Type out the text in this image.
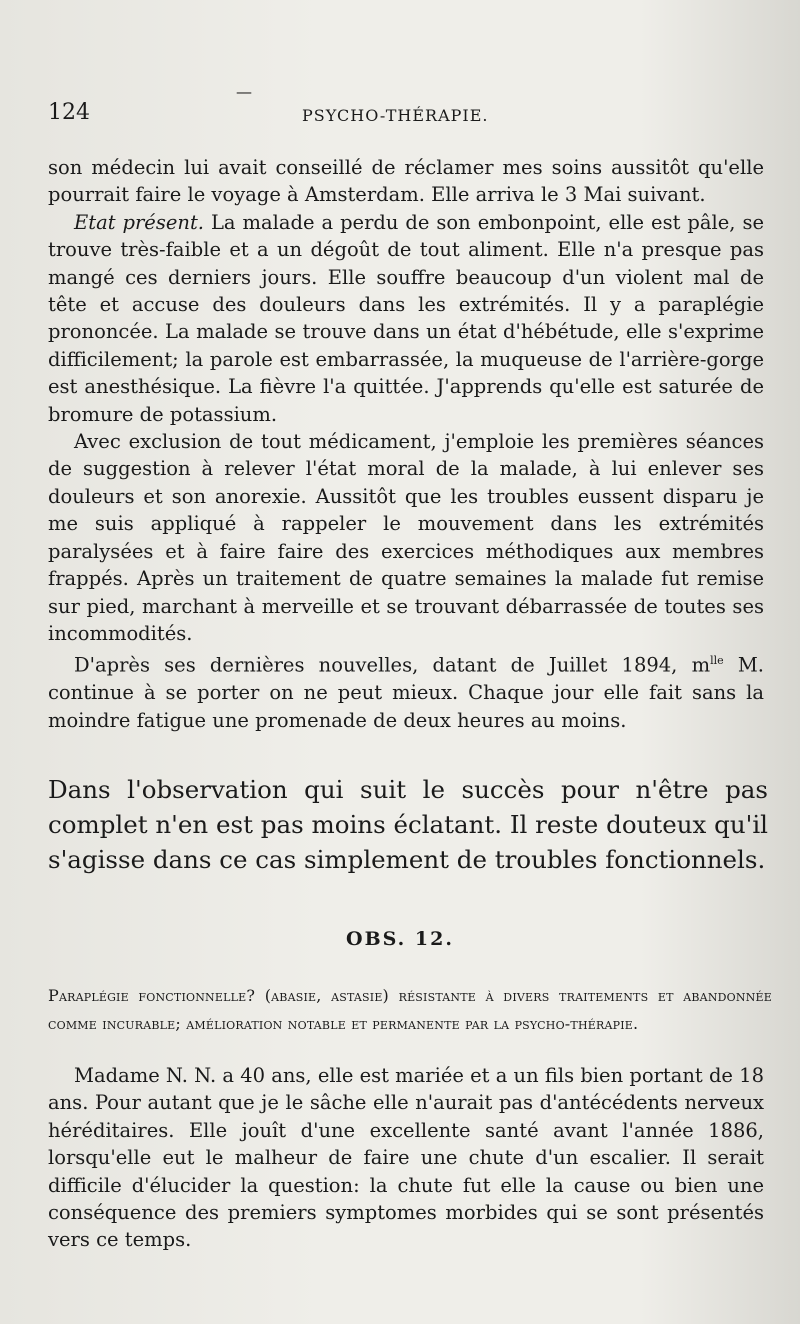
124
—
PSYCHO-THÉRAPIE.

son médecin lui avait conseillé de réclamer mes soins aussitôt qu'elle pourrait faire le voyage à Amsterdam. Elle arriva le 3 Mai suivant.

Etat présent. La malade a perdu de son embonpoint, elle est pâle, se trouve très-faible et a un dégoût de tout aliment. Elle n'a presque pas mangé ces derniers jours. Elle souffre beaucoup d'un violent mal de tête et accuse des douleurs dans les extrémités. Il y a paraplégie prononcée. La malade se trouve dans un état d'hébétude, elle s'exprime difficilement; la parole est embarrassée, la muqueuse de l'arrière-gorge est anesthésique. La fièvre l'a quittée. J'apprends qu'elle est saturée de bromure de potassium.

Avec exclusion de tout médicament, j'emploie les premières séances de suggestion à relever l'état moral de la malade, à lui enlever ses douleurs et son anorexie. Aussitôt que les troubles eussent disparu je me suis appliqué à rappeler le mouvement dans les extrémités paralysées et à faire faire des exercices méthodiques aux membres frappés. Après un traitement de quatre semaines la malade fut remise sur pied, marchant à merveille et se trouvant débarrassée de toutes ses incommodités.

D'après ses dernières nouvelles, datant de Juillet 1894, $m^{lle}$ M. continue à se porter on ne peut mieux. Chaque jour elle fait sans la moindre fatigue une promenade de deux heures au moins.

Dans l'observation qui suit le succès pour n'être pas complet n'en est pas moins éclatant. Il reste douteux qu'il s'agisse dans ce cas simplement de troubles fonctionnels.
OBS. 12.
Paraplégie fonctionnelle? (abasie, astasie) résistante à divers traitements et abandonnée comme incurable; amélioration notable et permanente par la psycho-thérapie.

Madame N. N. a 40 ans, elle est mariée et a un fils bien portant de 18 ans. Pour autant que je le sâche elle n'aurait pas d'antécédents nerveux héréditaires. Elle jouît d'une excellente santé avant l'année 1886, lorsqu'elle eut le malheur de faire une chute d'un escalier. Il serait difficile d'élucider la question: la chute fut elle la cause ou bien une conséquence des premiers symptomes morbides qui se sont présentés vers ce temps.
